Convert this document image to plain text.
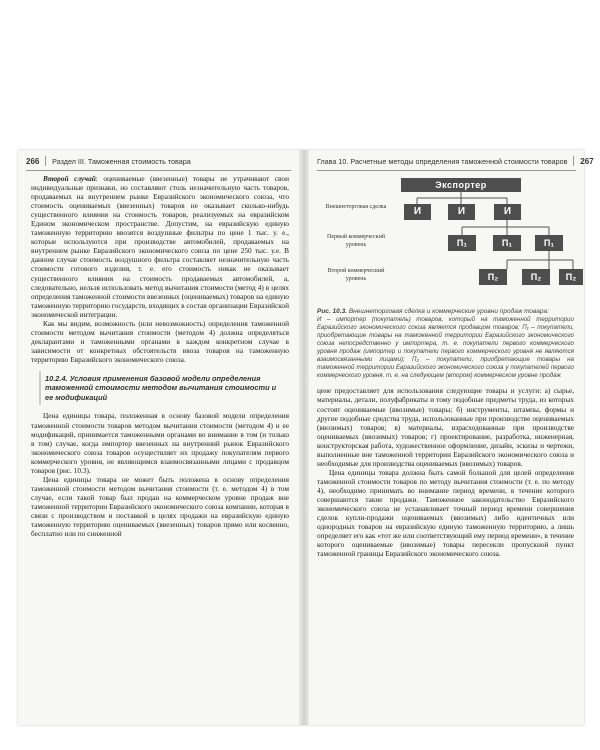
266 Раздел III. Таможенная стоимость товара

Второй случай: оцениваемые (ввезенные) товары не утрачивают свои индивидуальные признаки, но составляют столь незначительную часть товаров, продаваемых на внутреннем рынке Евразийского экономического союза, что стоимость оцениваемых (ввезенных) товаров не оказывает сколько-нибудь существенного влияния на стоимость товаров, реализуемых на евразийском Едином экономическом пространстве. Допустим, на евразийскую единую таможенную территорию ввозятся воздушные фильтры по цене 1 тыс. у. е., которые используются при производстве автомобилей, продаваемых на внутреннем рынке Евразийского экономического союза по цене 250 тыс. у.е. В данном случае стоимость воздушного фильтра составляет незначительную часть стоимости готового изделия, т. е. его стоимость никак не оказывает существенного влияния на стоимость продаваемых автомобилей, а, следовательно, нельзя использовать метод вычитания стоимости (метод 4) в целях определения таможенной стоимости ввезенных (оцениваемых) товаров на единую таможенную территорию государств, входящих в состав организации Евразийской экономической интеграции.

Как мы видим, возможность (или невозможность) определения таможенной стоимости методом вычитания стоимости (методом 4) должна определяться декларантами и таможенными органами в каждом конкретном случае в зависимости от конкретных обстоятельств ввоза товаров на таможенную территорию Евразийского экономического союза.

10.2.4. Условия применения базовой модели определения таможенной стоимости методом вычитания стоимости и ее модификаций

Цена единицы товара, положенная в основу базовой модели определения таможенной стоимости товаров методом вычитания стоимости (методом 4) и ее модификаций, принимается таможенными органами во внимание в том (и только в том) случае, когда импортер ввезенных на внутренний рынок Евразийского экономического союза товаров осуществляет их продажу покупателям первого коммерческого уровня, не являющимся взаимосвязанными лицами с продавцом товаров (рис. 10.3).

Цена единицы товара не может быть положена в основу определения таможенной стоимости методом вычитания стоимости (т. е. методом 4) в том случае, если такой товар был продан на коммерческом уровне продаж вне таможенной территории Евразийского экономического союза компании, которая в связи с производством и поставкой в целях продажи на евразийскую единую таможенную территорию оцениваемых (ввезенных) товаров прямо или косвенно, бесплатно или по сниженной

Глава 10. Расчетные методы определения таможенной стоимости товаров 267
Экспортер
И	И	И
П₁	П₁	П₁
П₂	П₂	П₂
Внешнеторговая сделка
Первый коммерческий уровень
Второй коммерческий уровень
Рис. 10.3. Внешнеторговая сделка и коммерческие уровни продаж товара:

И – импортер (покупатель) товаров, который на таможенной территории Евразийского экономического союза является продавцом товаров; П₁ – покупатели, приобретающие товары на таможенной территории Евразийского экономического союза непосредственно у импортера, т. е. покупатели первого коммерческого уровня продаж (импортер и покупатели первого коммерческого уровня не являются взаимосвязанными лицами); П₂ – покупатели, приобретающие товары на таможенной территории Евразийского экономического союза у покупателей первого коммерческого уровня, т. е. на следующем (втором) коммерческом уровне продаж

цене предоставляет для использования следующие товары и услуги: а) сырье, материалы, детали, полуфабрикаты и тому подобные предметы труда, из которых состоят оцениваемые (ввозимые) товары; б) инструменты, штампы, формы и другие подобные средства труда, использованные при производстве оцениваемых (ввозимых) товаров; в) материалы, израсходованные при производстве оцениваемых (ввозимых) товаров; г) проектирование, разработка, инженерная, конструкторская работа, художественное оформление, дизайн, эскизы и чертежи, выполненные вне таможенной территории Евразийского экономического союза и необходимые для производства оцениваемых (ввозимых) товаров.

Цена единицы товара должна быть самой большой для целей определения таможенной стоимости товаров по методу вычитания стоимости (т. е. по методу 4), необходимо принимать во внимание период времени, в течение которого совершаются такие продажи. Таможенное законодательство Евразийского экономического союза не устанавливает точный период времени совершения сделок купли-продажи оцениваемых (ввозимых) либо идентичных или однородных товаров на евразийскую единую таможенную территорию, а лишь определяет его как «тот же или соответствующий ему период времени», в течение которого оцениваемые (ввозимые) товары пересекли пропускной пункт таможенной границы Евразийского экономического союза.
